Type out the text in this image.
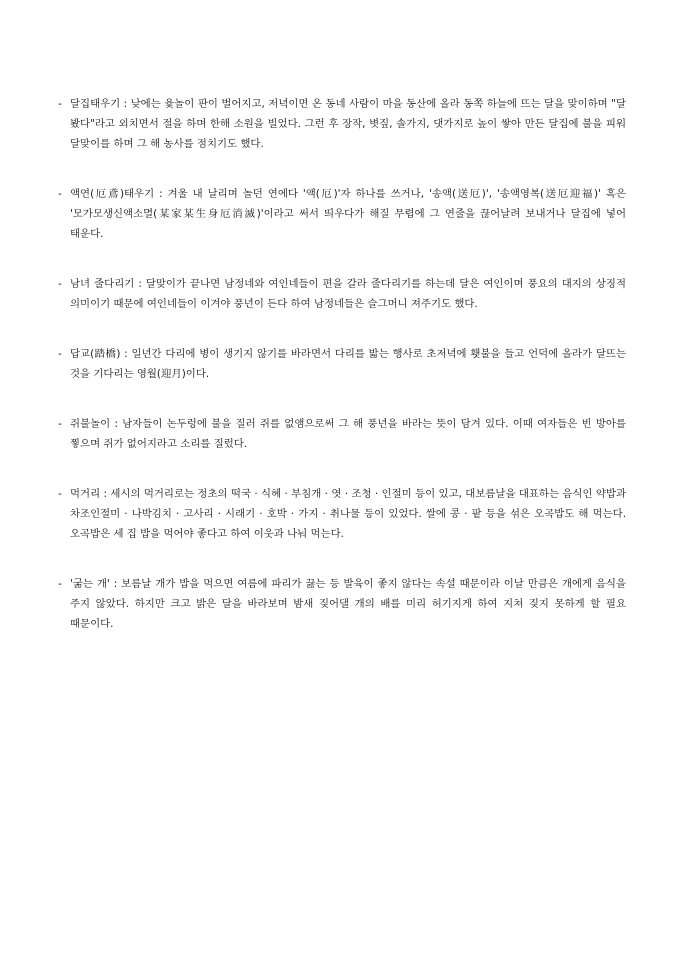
- 달집태우기 : 낮에는 윷놀이 판이 벌어지고, 저녁이면 온 동네 사람이 마을 동산에 올라 동쪽 하늘에 뜨는 달을 맞이하며 "달 봤다"라고 외치면서 절을 하며 한해 소원을 빌었다. 그런 후 장작, 볏짚, 솔가지, 댓가지로 높이 쌓아 만든 달집에 불을 피워 달맞이를 하며 그 해 농사를 점치기도 했다.
- 액연(厄鳶)태우기 : 겨울 내 날리며 놀던 연에다 '액(厄)'자 하나를 쓰거나, '송액(送厄)', '송액영복(送厄迎福)' 혹은 '모가모생신액소멸(某家某生身厄消滅)'이라고 써서 띄우다가 해질 무렵에 그 연줄을 끊어날려 보내거나 달집에 넣어 태운다.
- 남녀 줄다리기 : 달맞이가 끝나면 남정네와 여인네들이 편을 갈라 줄다리기를 하는데 달은 여인이며 풍요의 대지의 상징적 의미이기 때문에 여인네들이 이겨야 풍년이 든다 하여 남정네들은 슬그머니 져주기도 했다.
- 답교(踏橋) : 일년간 다리에 병이 생기지 않기를 바라면서 다리를 밟는 행사로 초저녁에 횃불을 들고 언덕에 올라가 달뜨는 것을 기다리는 영월(迎月)이다.
- 쥐불놀이 : 남자들이 논두렁에 불을 질러 쥐를 없앰으로써 그 해 풍년을 바라는 뜻이 담겨 있다. 이때 여자들은 빈 방아를 찧으며 쥐가 없어지라고 소리를 질렀다.
- 먹거리 : 세시의 먹거리로는 정초의 떡국 · 식혜 · 부침개 · 엿 · 조청 · 인절미 등이 있고, 대보름날을 대표하는 음식인 약밥과 차조인절미 · 나박김치 · 고사리 · 시래기 · 호박 · 가지 · 취나물 등이 있었다. 쌀에 콩 · 팥 등을 섞은 오곡밥도 해 먹는다. 오곡밥은 세 집 밥을 먹어야 좋다고 하여 이웃과 나눠 먹는다.
- '굶는 개' : 보름날 개가 밥을 먹으면 여름에 파리가 끓는 등 발육이 좋지 않다는 속설 때문이라 이날 만큼은 개에게 음식을 주지 않았다. 하지만 크고 밝은 달을 바라보며 밤새 짖어댈 개의 배를 미리 허기지게 하여 지쳐 짖지 못하게 할 필요 때문이다.
